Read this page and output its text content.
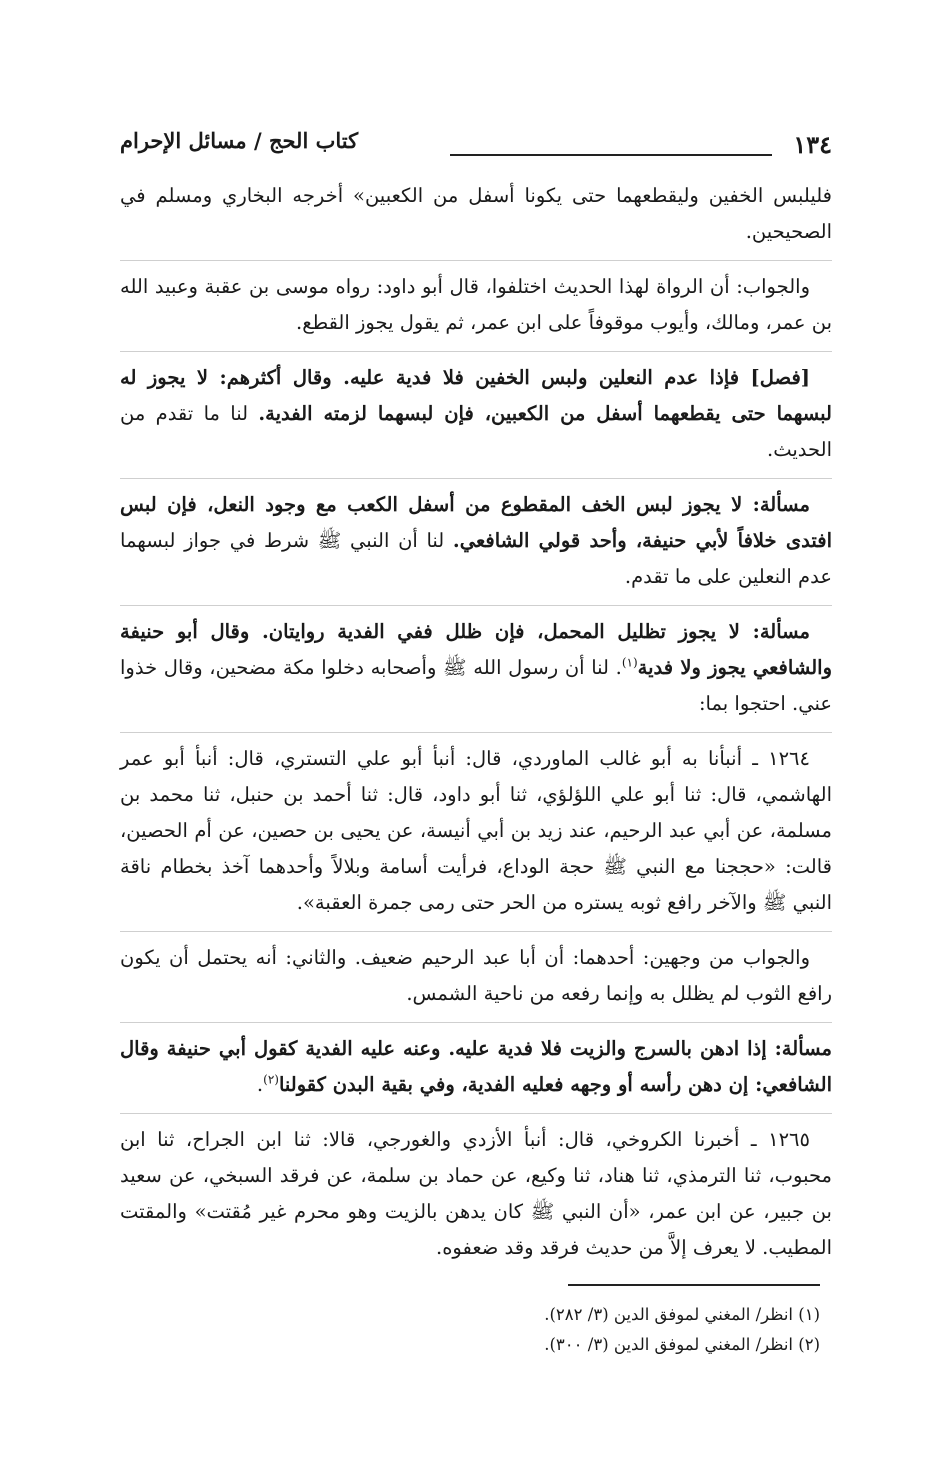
١٣٤
كتاب الحج / مسائل الإحرام

فليلبس الخفين وليقطعهما حتى يكونا أسفل من الكعبين» أخرجه البخاري ومسلم في الصحيحين.

والجواب: أن الرواة لهذا الحديث اختلفوا، قال أبو داود: رواه موسى بن عقبة وعبيد الله بن عمر، ومالك، وأيوب موقوفاً على ابن عمر، ثم يقول يجوز القطع.

[فصل] فإذا عدم النعلين ولبس الخفين فلا فدية عليه. وقال أكثرهم: لا يجوز له لبسهما حتى يقطعهما أسفل من الكعبين، فإن لبسهما لزمته الفدية. لنا ما تقدم من الحديث.

مسألة: لا يجوز لبس الخف المقطوع من أسفل الكعب مع وجود النعل، فإن لبس افتدى خلافاً لأبي حنيفة، وأحد قولي الشافعي. لنا أن النبي ﷺ شرط في جواز لبسهما عدم النعلين على ما تقدم.

مسألة: لا يجوز تظليل المحمل، فإن ظلل ففي الفدية روايتان. وقال أبو حنيفة والشافعي يجوز ولا فدية$^{(١)}$. لنا أن رسول الله ﷺ وأصحابه دخلوا مكة مضحين، وقال خذوا عني. احتجوا بما:

١٢٦٤ ـ أنبأنا به أبو غالب الماوردي، قال: أنبأ أبو علي التستري، قال: أنبأ أبو عمر الهاشمي، قال: ثنا أبو علي اللؤلؤي، ثنا أبو داود، قال: ثنا أحمد بن حنبل، ثنا محمد بن مسلمة، عن أبي عبد الرحيم، عند زيد بن أبي أنيسة، عن يحيى بن حصين، عن أم الحصين، قالت: «حججنا مع النبي ﷺ حجة الوداع، فرأيت أسامة وبلالاً وأحدهما آخذ بخطام ناقة النبي ﷺ والآخر رافع ثوبه يستره من الحر حتى رمى جمرة العقبة».

والجواب من وجهين: أحدهما: أن أبا عبد الرحيم ضعيف. والثاني: أنه يحتمل أن يكون رافع الثوب لم يظلل به وإنما رفعه من ناحية الشمس.

مسألة: إذا ادهن بالسرج والزيت فلا فدية عليه. وعنه عليه الفدية كقول أبي حنيفة وقال الشافعي: إن دهن رأسه أو وجهه فعليه الفدية، وفي بقية البدن كقولنا$^{(٢)}$.

١٢٦٥ ـ أخبرنا الكروخي، قال: أنبأ الأزدي والغورجي، قالا: ثنا ابن الجراح، ثنا ابن محبوب، ثنا الترمذي، ثنا هناد، ثنا وكيع، عن حماد بن سلمة، عن فرقد السبخي، عن سعيد بن جبير، عن ابن عمر، «أن النبي ﷺ كان يدهن بالزيت وهو محرم غير مُقتت» والمقتت المطيب. لا يعرف إلاَّ من حديث فرقد وقد ضعفوه.

(١) انظر/ المغني لموفق الدين (٣/ ٢٨٢).

(٢) انظر/ المغني لموفق الدين (٣/ ٣٠٠).
